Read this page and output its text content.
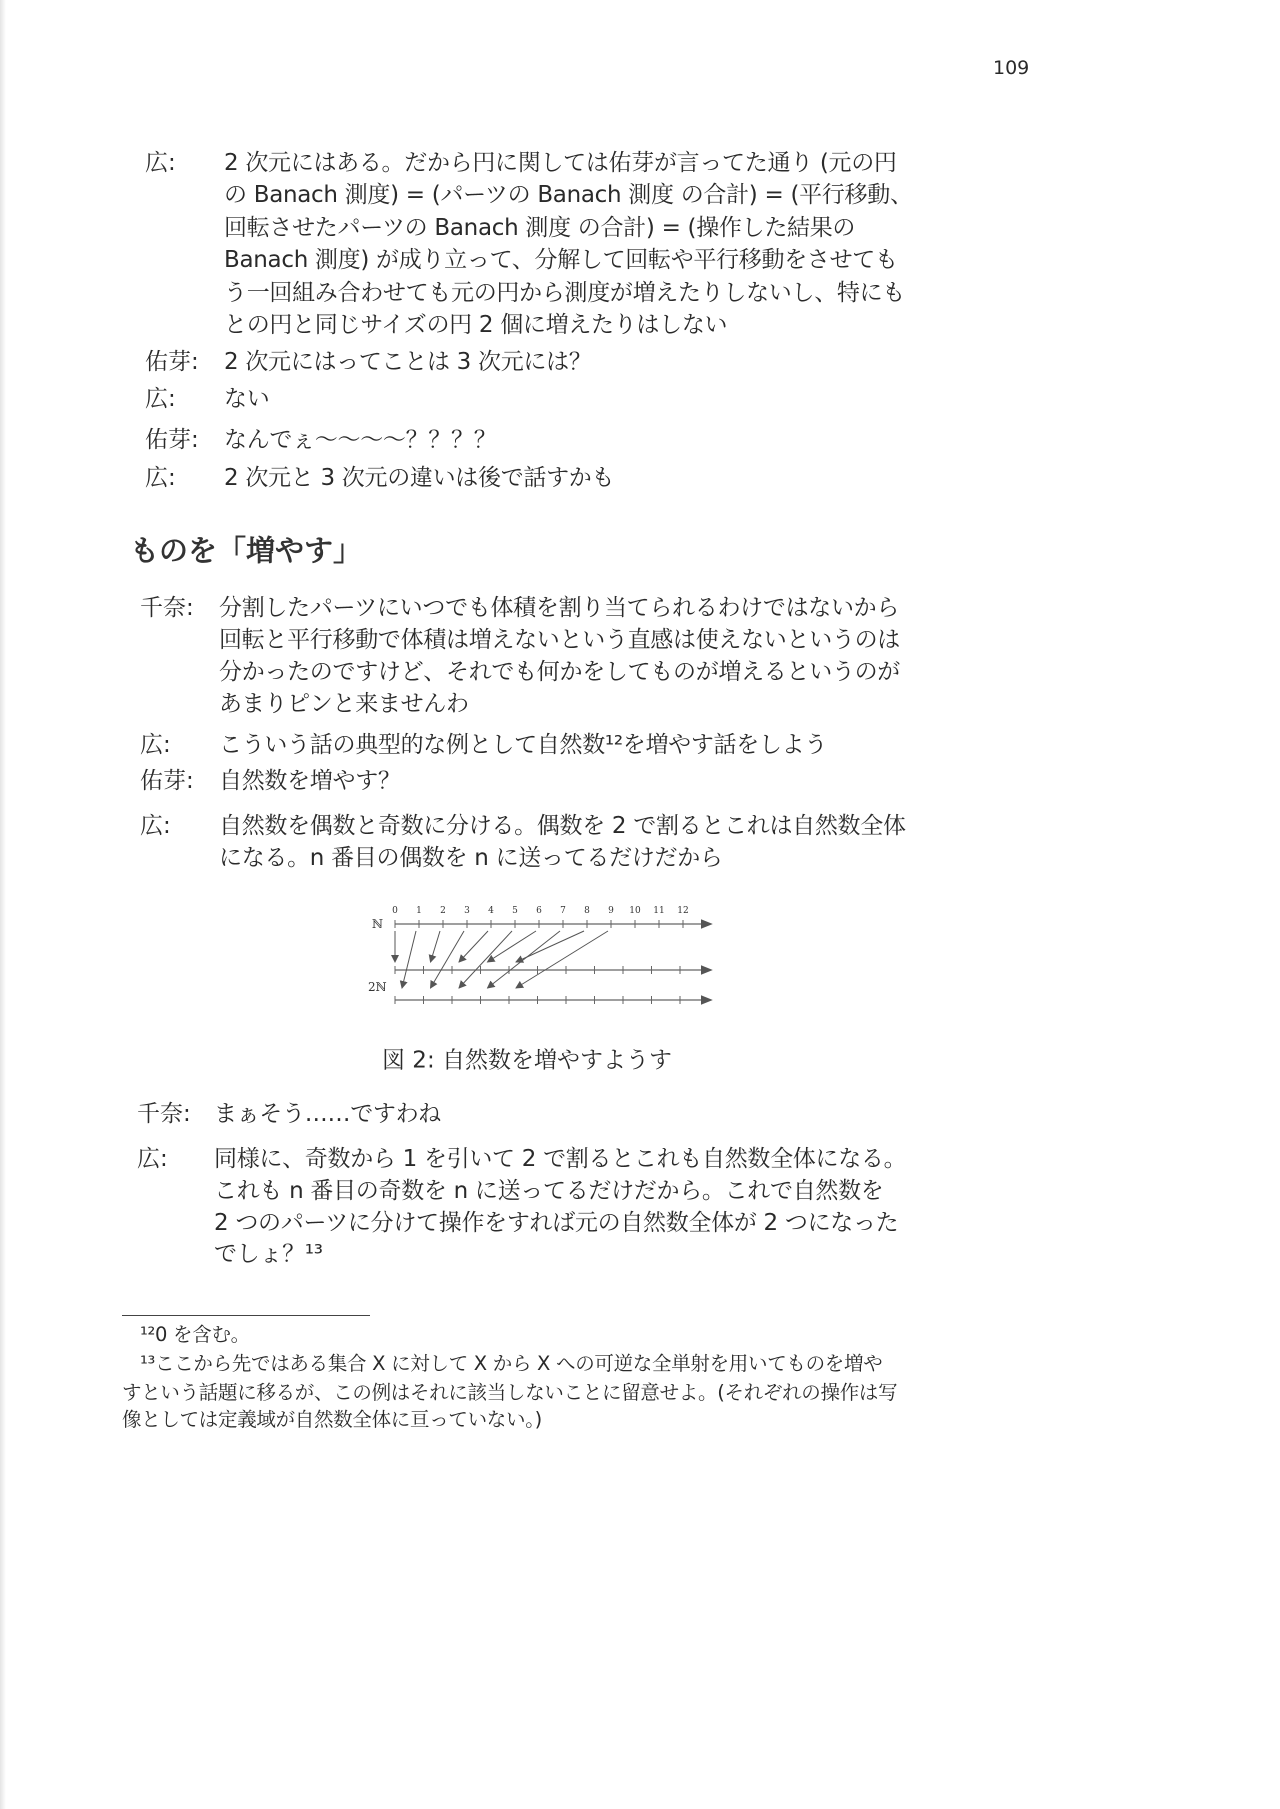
109
広: 2 次元にはある。だから円に関しては佑芽が言ってた通り (元の円
の Banach 測度) = (パーツの Banach 測度 の合計) = (平行移動、
回転させたパーツの Banach 測度 の合計) = (操作した結果の
Banach 測度) が成り立って、分解して回転や平行移動をさせても
う一回組み合わせても元の円から測度が増えたりしないし、特にも
との円と同じサイズの円 2 個に増えたりはしない
佑芽: 2 次元にはってことは 3 次元には？
広: ない
佑芽: なんでぇ〜〜〜〜？？？？
広: 2 次元と 3 次元の違いは後で話すかも
ものを「増やす」
千奈: 分割したパーツにいつでも体積を割り当てられるわけではないから
回転と平行移動で体積は増えないという直感は使えないというのは
分かったのですけど、それでも何かをしてものが増えるというのが
あまりピンと来ませんわ
広: こういう話の典型的な例として自然数¹²を増やす話をしよう
佑芽: 自然数を増やす？
広: 自然数を偶数と奇数に分ける。偶数を 2 で割るとこれは自然数全体
になる。n 番目の偶数を n に送ってるだけだから
0 1 2 3 4 5 6 7 8 9 10 11 12
ℕ
2ℕ
図 2: 自然数を増やすようす
千奈: まぁそう……ですわね
広: 同様に、奇数から 1 を引いて 2 で割るとこれも自然数全体になる。
これも n 番目の奇数を n に送ってるだけだから。これで自然数を
2 つのパーツに分けて操作をすれば元の自然数全体が 2 つになった
でしょ？¹³
¹²0 を含む。
¹³ここから先ではある集合 X に対して X から X への可逆な全単射を用いてものを増や
すという話題に移るが、この例はそれに該当しないことに留意せよ。(それぞれの操作は写
像としては定義域が自然数全体に亘っていない。)
